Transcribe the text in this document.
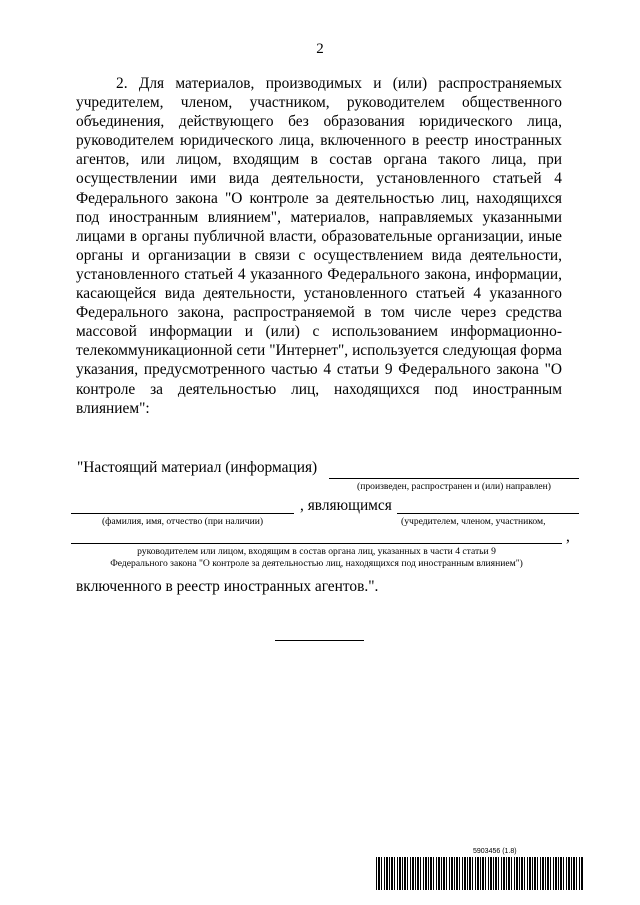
2

2. Для материалов, производимых и (или) распространяемых учредителем, членом, участником, руководителем общественного объединения, действующего без образования юридического лица, руководителем юридического лица, включенного в реестр иностранных агентов, или лицом, входящим в состав органа такого лица, при осуществлении ими вида деятельности, установленного статьей 4 Федерального закона "О контроле за деятельностью лиц, находящихся под иностранным влиянием", материалов, направляемых указанными лицами в органы публичной власти, образовательные организации, иные органы и организации в связи с осуществлением вида деятельности, установленного статьей 4 указанного Федерального закона, информации, касающейся вида деятельности, установленного статьей 4 указанного Федерального закона, распространяемой в том числе через средства массовой информации и (или) с использованием информационно-телекоммуникационной сети "Интернет", используется следующая форма указания, предусмотренного частью 4 статьи 9 Федерального закона "О контроле за деятельностью лиц, находящихся под иностранным влиянием":

"Настоящий материал (информация)
(произведен, распространен и (или) направлен)
, являющимся
(фамилия, имя, отчество (при наличии)	(учредителем, членом, участником,
,
руководителем или лицом, входящим в состав органа лиц, указанных в части 4 статьи 9
Федерального закона "О контроле за деятельностью лиц, находящихся под иностранным влиянием")
включенного в реестр иностранных агентов.".
5903456 (1.8)
